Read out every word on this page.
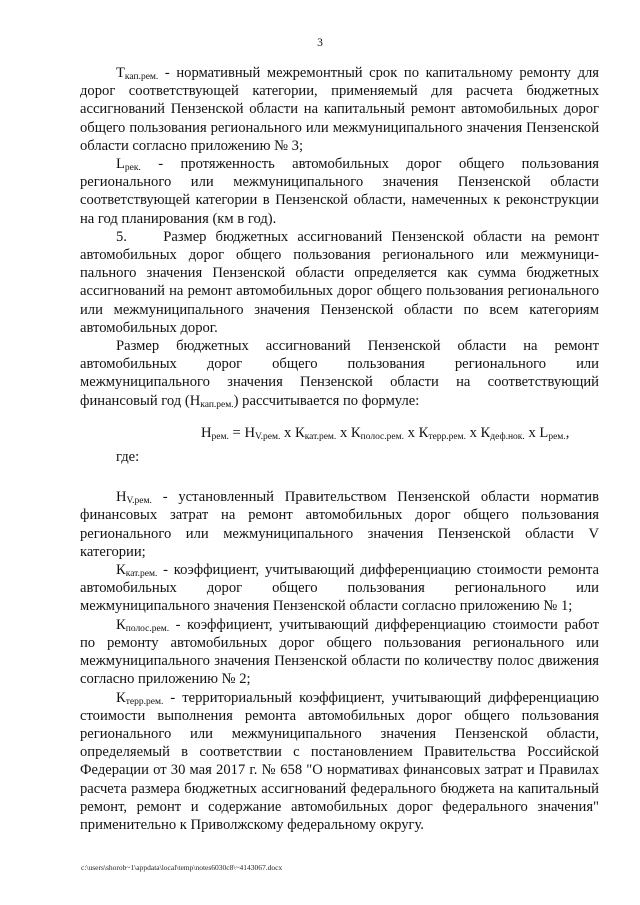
3

$Т_{кап.рем.}$ - нормативный межремонтный срок по капитальному ремонту для дорог соответствующей категории, применяемый для расчета бюджетных ассигнований Пензенской области на капитальный ремонт автомобильных дорог общего пользования регионального или межмуниципального значения Пензенской области согласно приложению № 3;

$L_{рек.}$ - протяженность автомобильных дорог общего пользования регионального или межмуниципального значения Пензенской области соответствующей категории в Пензенской области, намеченных к реконструкции на год планирования (км в год).

5.    Размер бюджетных ассигнований Пензенской области на ремонт автомобильных дорог общего пользования регионального или межмуници-пального значения Пензенской области определяется как сумма бюджетных ассигнований на ремонт автомобильных дорог общего пользования регионального или межмуниципального значения Пензенской области по всем категориям автомобильных дорог.

Размер бюджетных ассигнований Пензенской области на ремонт автомобильных дорог общего пользования регионального или межмуниципального значения Пензенской области на соответствующий финансовый год $(Н_{кап.рем.})$ рассчитывается по формуле:

$Н_{рем.} = Н_{V.рем.}$ х $К_{кат.рем.}$ х $К_{полос.рем.}$ х $К_{терр.рем.}$ х $К_{деф.нок.}$ х $L_{рем.}$,
где:

$Н_{V.рем.}$ - установленный Правительством Пензенской области норматив финансовых затрат на ремонт автомобильных дорог общего пользования регионального или межмуниципального значения Пензенской области V категории;

$К_{кат.рем.}$ - коэффициент, учитывающий дифференциацию стоимости ремонта автомобильных дорог общего пользования регионального или межмуниципального значения Пензенской области согласно приложению № 1;

$К_{полос.рем.}$ - коэффициент, учитывающий дифференциацию стоимости работ по ремонту автомобильных дорог общего пользования регионального или межмуниципального значения Пензенской области по количеству полос движения согласно приложению № 2;

$К_{терр.рем.}$ - территориальный коэффициент, учитывающий дифференциацию стоимости выполнения ремонта автомобильных дорог общего пользования регионального или межмуниципального значения Пензенской области, определяемый в соответствии с постановлением Правительства Российской Федерации от 30 мая 2017 г. № 658 "О нормативах финансовых затрат и Правилах расчета размера бюджетных ассигнований федерального бюджета на капитальный ремонт, ремонт и содержание автомобильных дорог федерального значения" применительно к Приволжскому федеральному округу.

c:\users\shorob~1\appdata\local\temp\notes6030c8\~4143067.docx
